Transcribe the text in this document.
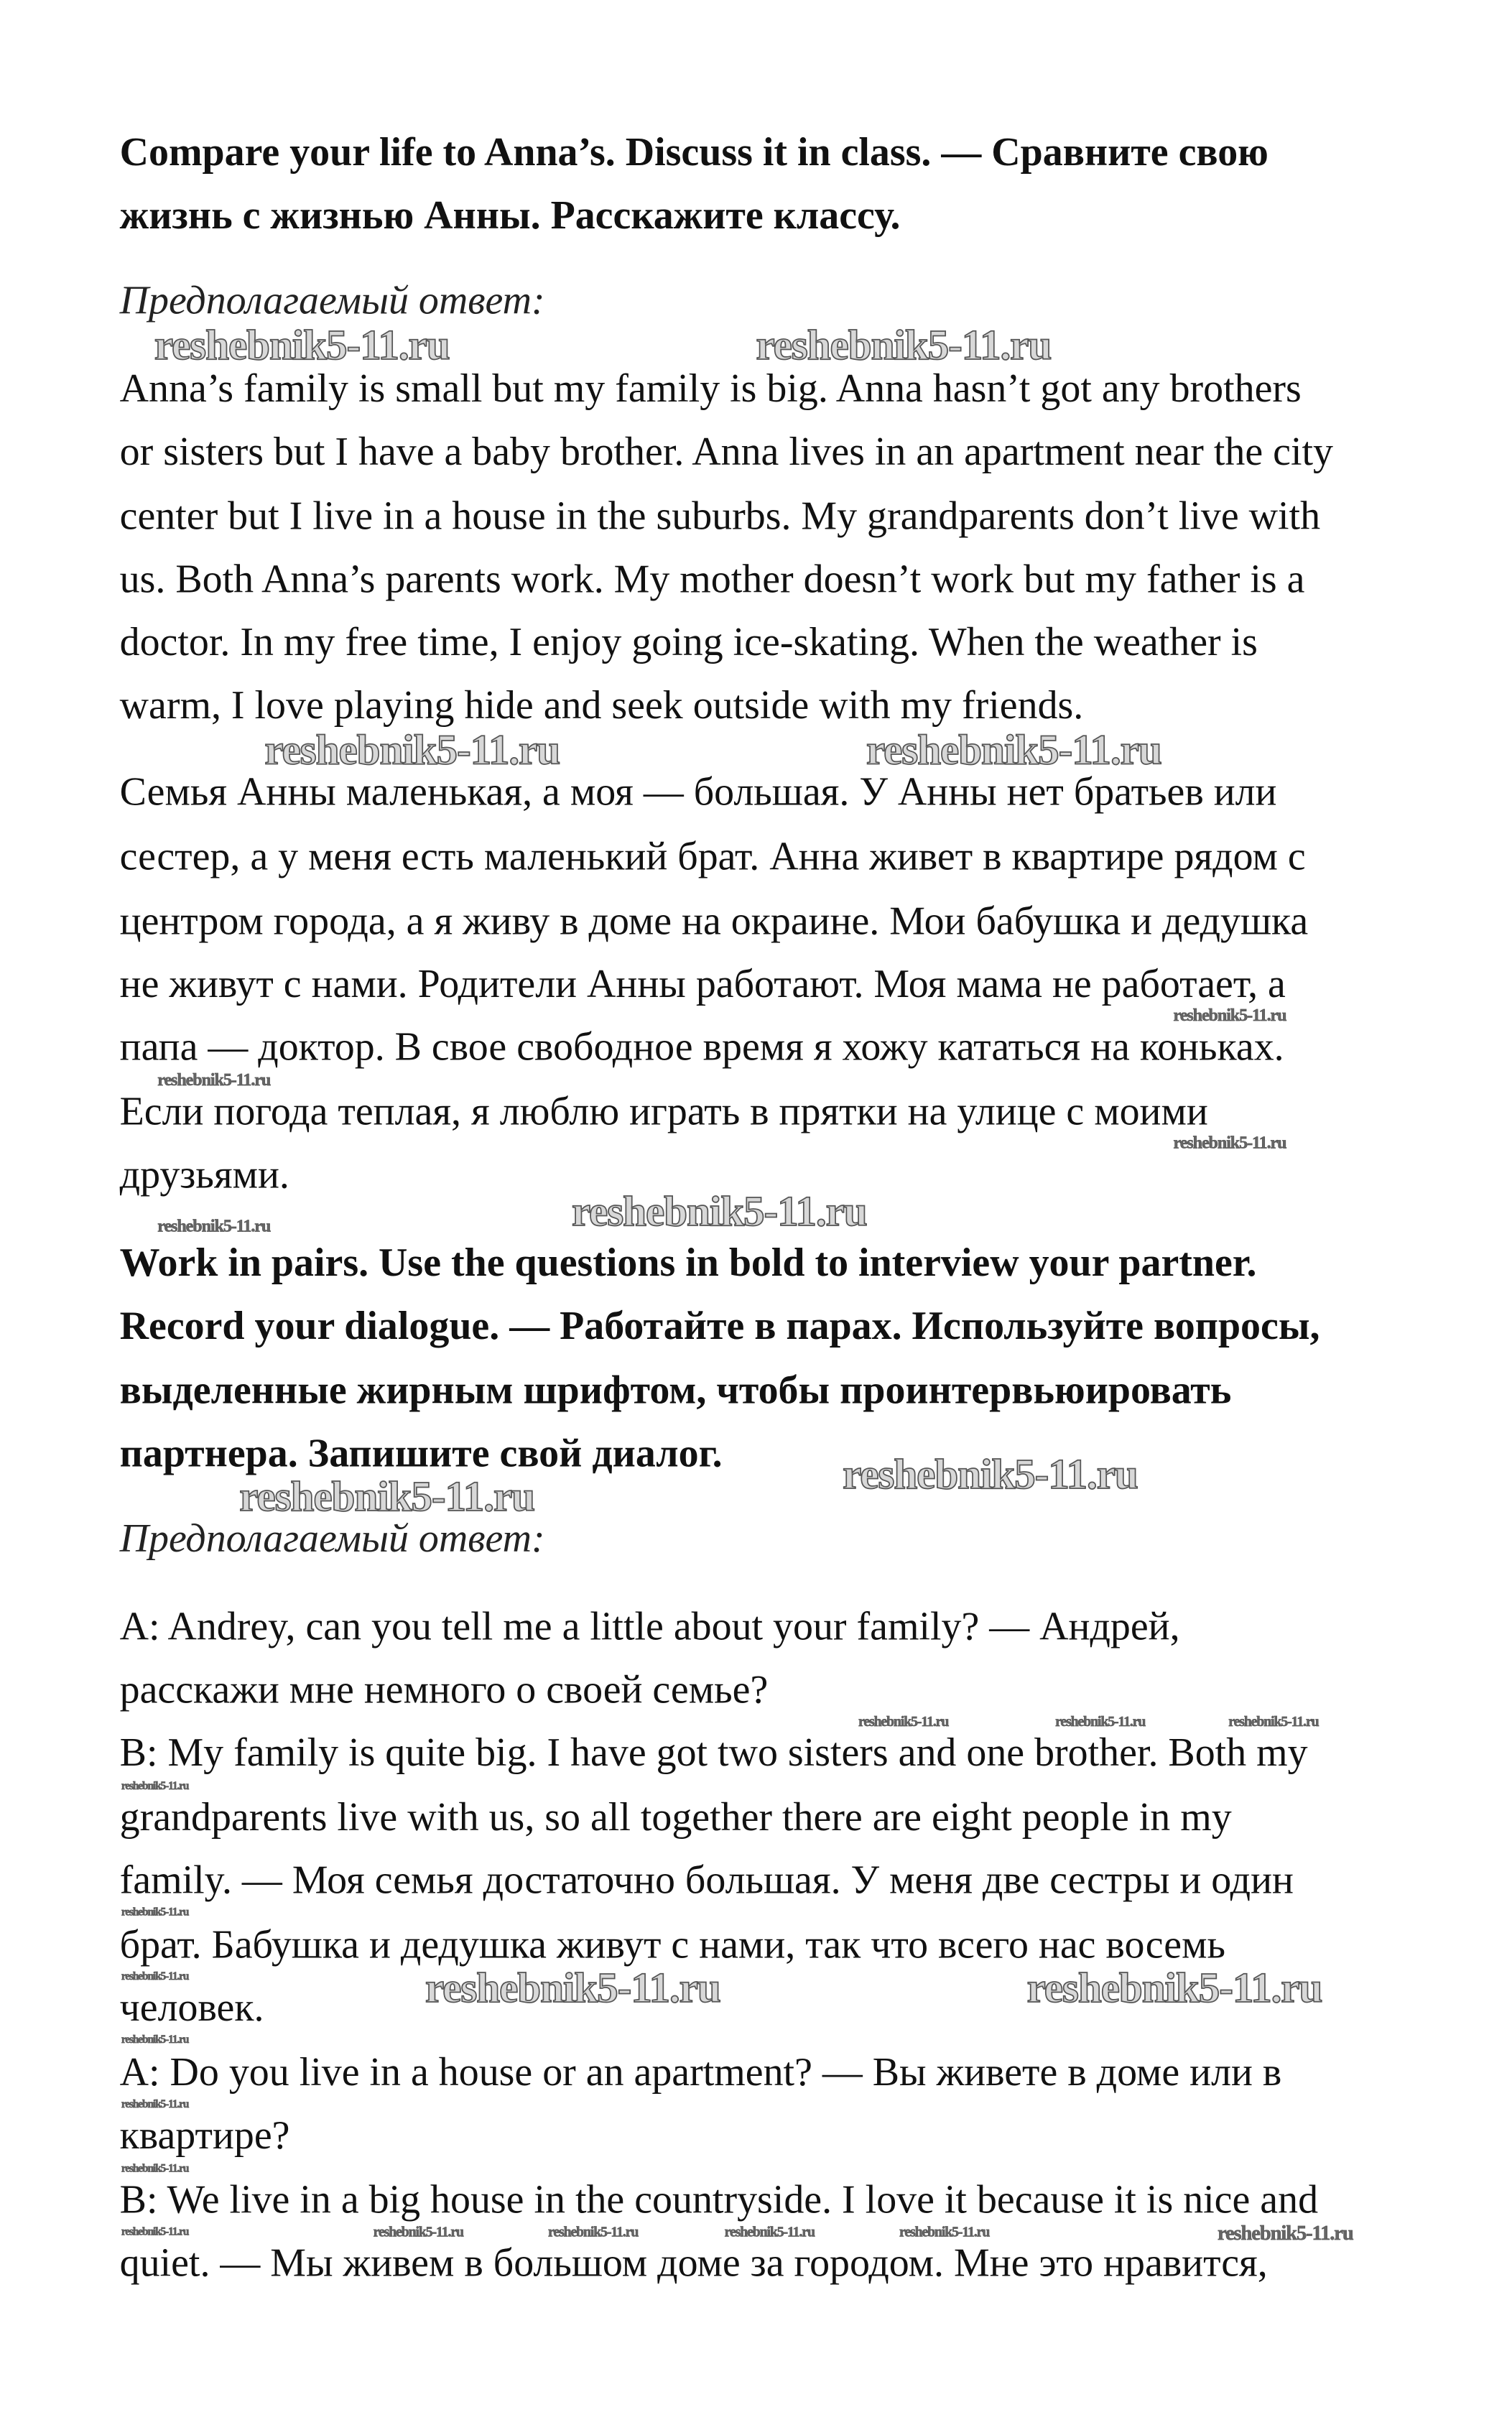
Compare your life to Anna’s. Discuss it in class. — Сравните свою
жизнь с жизнью Анны. Расскажите классу.
Предполагаемый ответ:
Anna’s family is small but my family is big. Anna hasn’t got any brothers
or sisters but I have a baby brother. Anna lives in an apartment near the city
center but I live in a house in the suburbs. My grandparents don’t live with
us. Both Anna’s parents work. My mother doesn’t work but my father is a
doctor. In my free time, I enjoy going ice-skating. When the weather is
warm, I love playing hide and seek outside with my friends.
Семья Анны маленькая, а моя — большая. У Анны нет братьев или
сестер, а у меня есть маленький брат. Анна живет в квартире рядом с
центром города, а я живу в доме на окраине. Мои бабушка и дедушка
не живут с нами. Родители Анны работают. Моя мама не работает, а
папа — доктор. В свое свободное время я хожу кататься на коньках.
Если погода теплая, я люблю играть в прятки на улице с моими
друзьями.
Work in pairs. Use the questions in bold to interview your partner.
Record your dialogue. — Работайте в парах. Используйте вопросы,
выделенные жирным шрифтом, чтобы проинтервьюировать
партнера. Запишите свой диалог.
Предполагаемый ответ:
A: Andrey, can you tell me a little about your family? — Андрей,
расскажи мне немного о своей семье?
B: My family is quite big. I have got two sisters and one brother. Both my
grandparents live with us, so all together there are eight people in my
family. — Моя семья достаточно большая. У меня две сестры и один
брат. Бабушка и дедушка живут с нами, так что всего нас восемь
человек.
A: Do you live in a house or an apartment? — Вы живете в доме или в
квартире?
B: We live in a big house in the countryside. I love it because it is nice and
quiet. — Мы живем в большом доме за городом. Мне это нравится,
reshebnik5-11.ru	reshebnik5-11.ru
reshebnik5-11.ru	reshebnik5-11.ru
reshebnik5-11.ru
reshebnik5-11.ru
reshebnik5-11.ru
reshebnik5-11.ru	reshebnik5-11.ru
reshebnik5-11.ru
reshebnik5-11.ru
reshebnik5-11.ru
reshebnik5-11.ru
reshebnik5-11.ru	reshebnik5-11.ru	reshebnik5-11.ru
reshebnik5-11.ru
reshebnik5-11.ru
reshebnik5-11.ru
reshebnik5-11.ru
reshebnik5-11.ru
reshebnik5-11.ru
reshebnik5-11.ru	reshebnik5-11.ru	reshebnik5-11.ru	reshebnik5-11.ru	reshebnik5-11.ru	reshebnik5-11.ru
